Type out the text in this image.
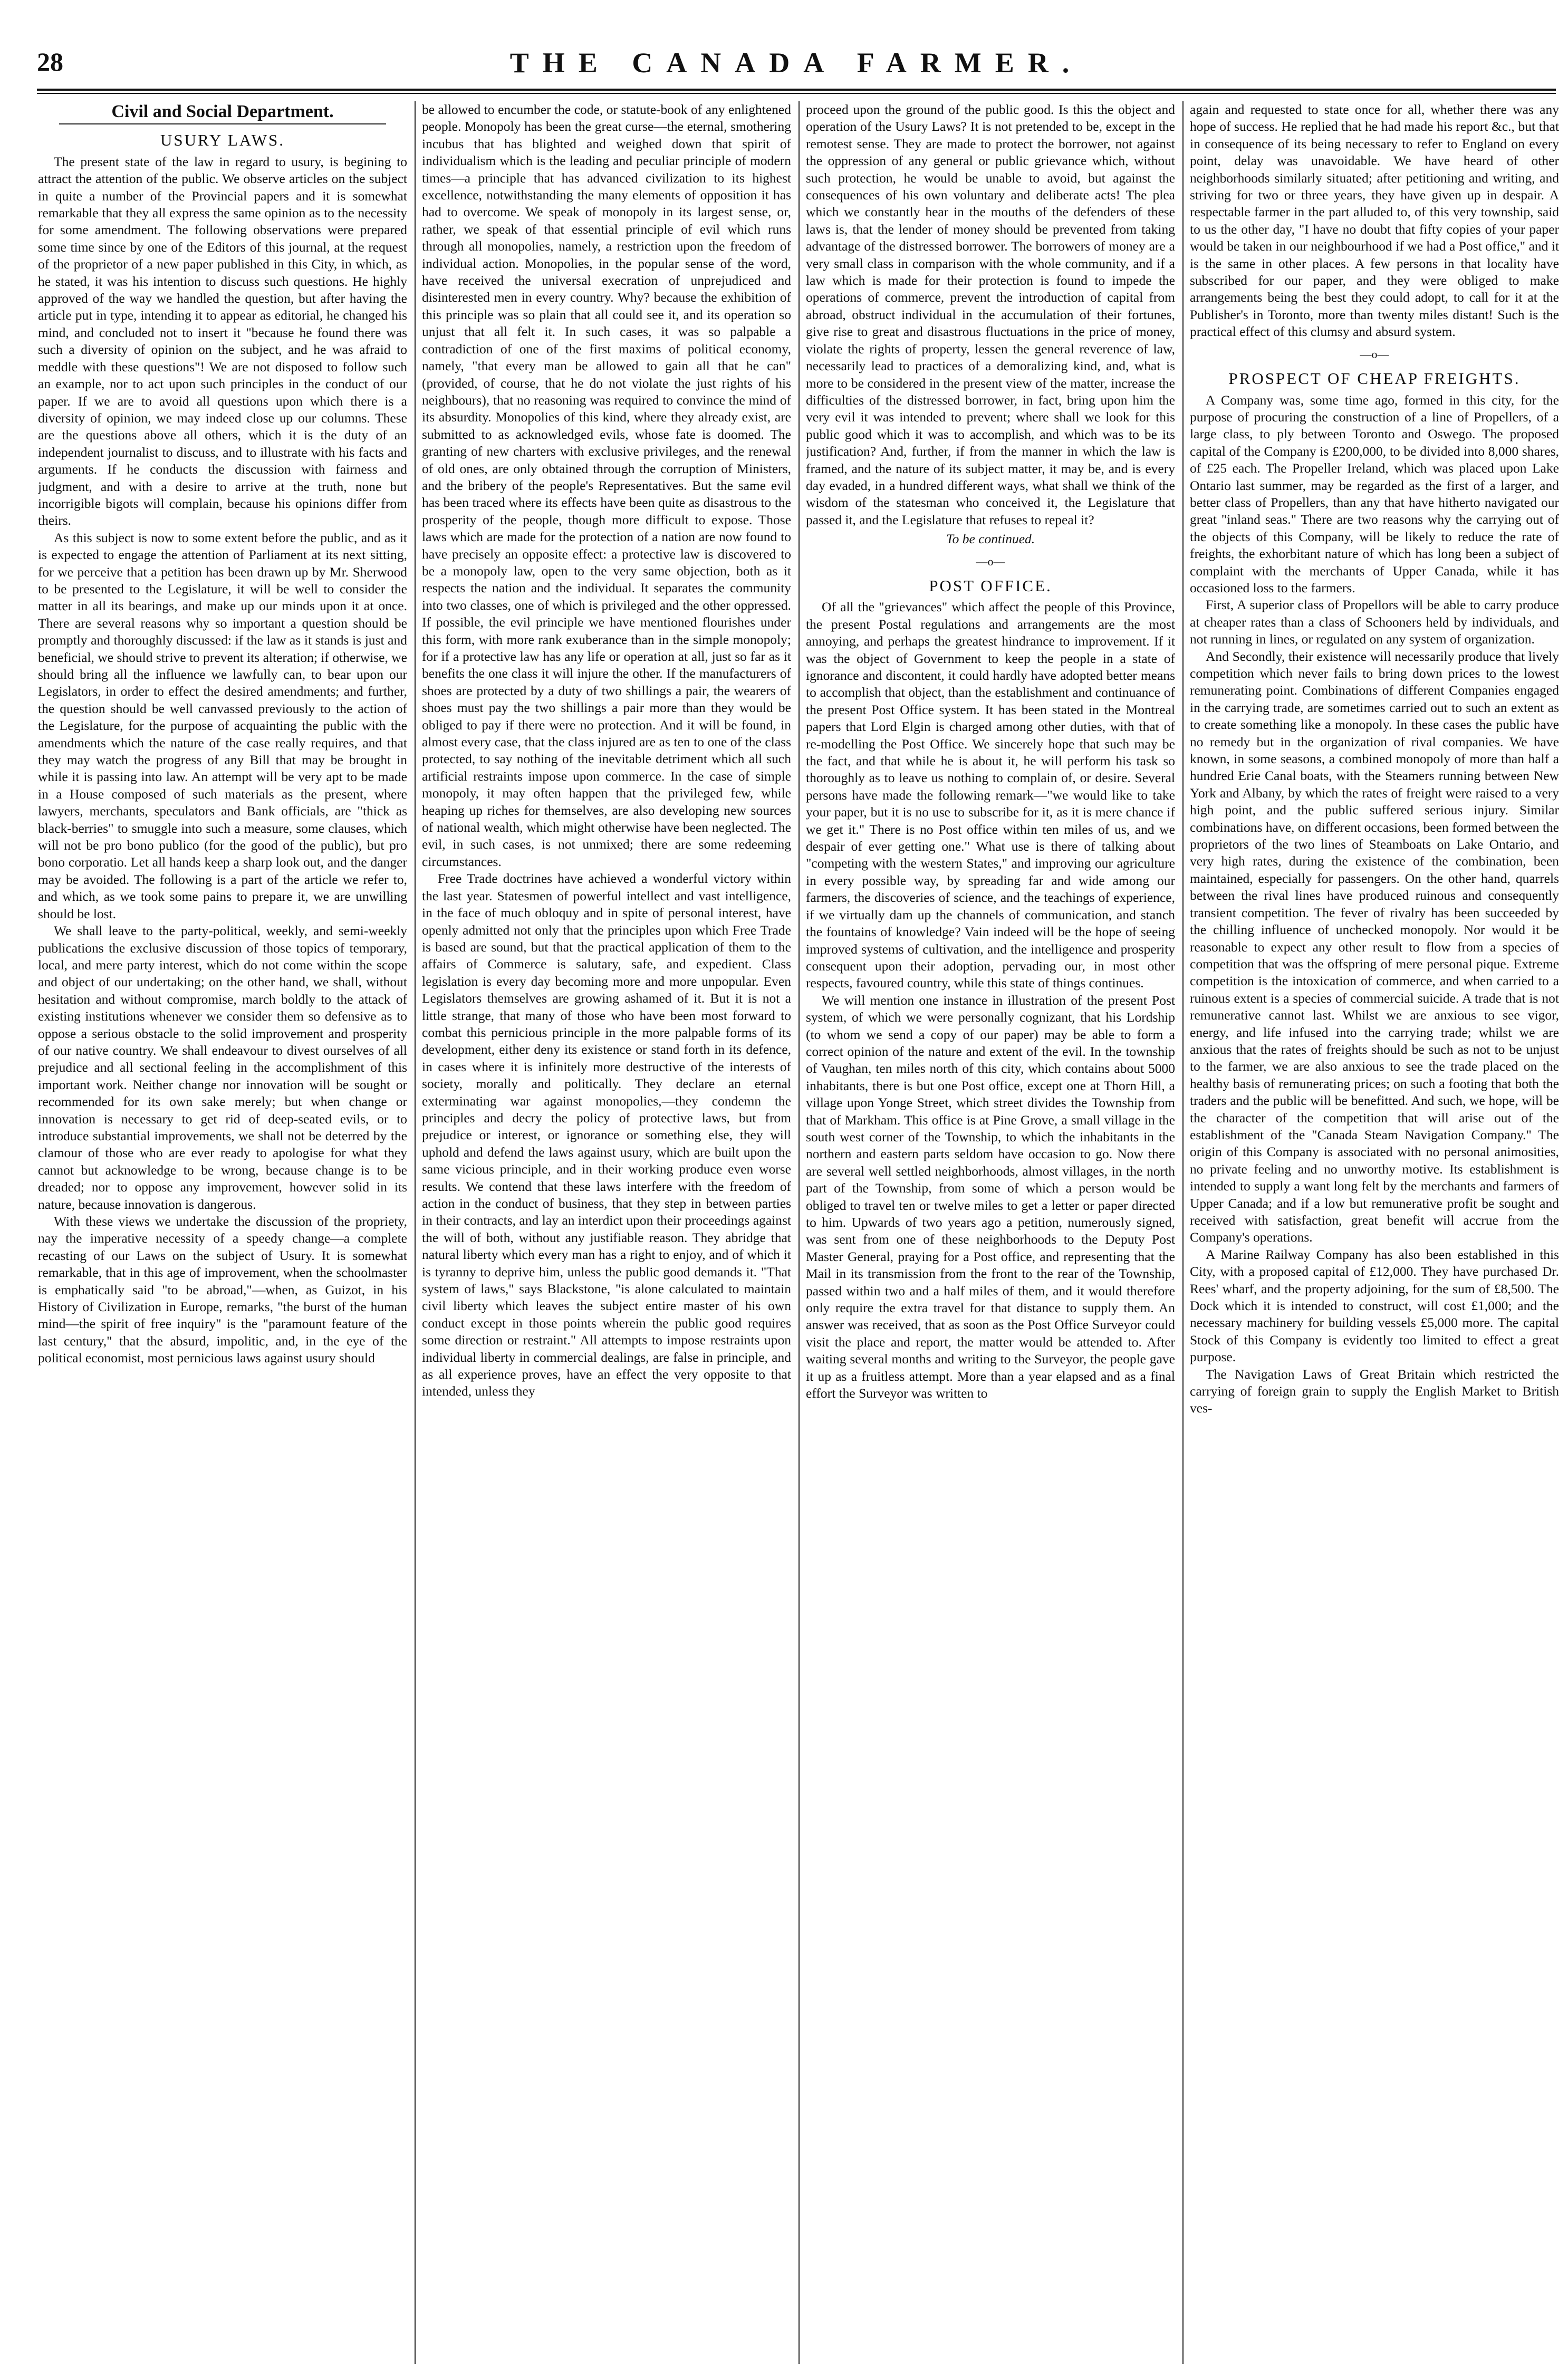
28	THE CANADA FARMER.
Civil and Social Department.
USURY LAWS.

The present state of the law in regard to usury, is begining to attract the attention of the public. We observe articles on the subject in quite a number of the Provincial papers and it is somewhat remarkable that they all express the same opinion as to the necessity for some amendment. The following observations were prepared some time since by one of the Editors of this journal, at the request of the proprietor of a new paper published in this City, in which, as he stated, it was his intention to discuss such questions. He highly approved of the way we handled the question, but after having the article put in type, intending it to appear as editorial, he changed his mind, and concluded not to insert it "because he found there was such a diversity of opinion on the subject, and he was afraid to meddle with these questions"! We are not disposed to follow such an example, nor to act upon such principles in the conduct of our paper. If we are to avoid all questions upon which there is a diversity of opinion, we may indeed close up our columns. These are the questions above all others, which it is the duty of an independent journalist to discuss, and to illustrate with his facts and arguments. If he conducts the discussion with fairness and judgment, and with a desire to arrive at the truth, none but incorrigible bigots will complain, because his opinions differ from theirs.

As this subject is now to some extent before the public, and as it is expected to engage the attention of Parliament at its next sitting, for we perceive that a petition has been drawn up by Mr. Sherwood to be presented to the Legislature, it will be well to consider the matter in all its bearings, and make up our minds upon it at once. There are several reasons why so important a question should be promptly and thoroughly discussed: if the law as it stands is just and beneficial, we should strive to prevent its alteration; if otherwise, we should bring all the influence we lawfully can, to bear upon our Legislators, in order to effect the desired amendments; and further, the question should be well canvassed previously to the action of the Legislature, for the purpose of acquainting the public with the amendments which the nature of the case really requires, and that they may watch the progress of any Bill that may be brought in while it is passing into law. An attempt will be very apt to be made in a House composed of such materials as the present, where lawyers, merchants, speculators and Bank officials, are "thick as black-berries" to smuggle into such a measure, some clauses, which will not be pro bono publico (for the good of the public), but pro bono corporatio. Let all hands keep a sharp look out, and the danger may be avoided. The following is a part of the article we refer to, and which, as we took some pains to prepare it, we are unwilling should be lost.

We shall leave to the party-political, weekly, and semi-weekly publications the exclusive discussion of those topics of temporary, local, and mere party interest, which do not come within the scope and object of our undertaking; on the other hand, we shall, without hesitation and without compromise, march boldly to the attack of existing institutions whenever we consider them so defensive as to oppose a serious obstacle to the solid improvement and prosperity of our native country. We shall endeavour to divest ourselves of all prejudice and all sectional feeling in the accomplishment of this important work. Neither change nor innovation will be sought or recommended for its own sake merely; but when change or innovation is necessary to get rid of deep-seated evils, or to introduce substantial improvements, we shall not be deterred by the clamour of those who are ever ready to apologise for what they cannot but acknowledge to be wrong, because change is to be dreaded; nor to oppose any improvement, however solid in its nature, because innovation is dangerous.

With these views we undertake the discussion of the propriety, nay the imperative necessity of a speedy change—a complete recasting of our Laws on the subject of Usury. It is somewhat remarkable, that in this age of improvement, when the schoolmaster is emphatically said "to be abroad,"—when, as Guizot, in his History of Civilization in Europe, remarks, "the burst of the human mind—the spirit of free inquiry" is the "paramount feature of the last century," that the absurd, impolitic, and, in the eye of the political economist, most pernicious laws against usury should

be allowed to encumber the code, or statute-book of any enlightened people. Monopoly has been the great curse—the eternal, smothering incubus that has blighted and weighed down that spirit of individualism which is the leading and peculiar principle of modern times—a principle that has advanced civilization to its highest excellence, notwithstanding the many elements of opposition it has had to overcome. We speak of monopoly in its largest sense, or, rather, we speak of that essential principle of evil which runs through all monopolies, namely, a restriction upon the freedom of individual action. Monopolies, in the popular sense of the word, have received the universal execration of unprejudiced and disinterested men in every country. Why? because the exhibition of this principle was so plain that all could see it, and its operation so unjust that all felt it. In such cases, it was so palpable a contradiction of one of the first maxims of political economy, namely, "that every man be allowed to gain all that he can" (provided, of course, that he do not violate the just rights of his neighbours), that no reasoning was required to convince the mind of its absurdity. Monopolies of this kind, where they already exist, are submitted to as acknowledged evils, whose fate is doomed. The granting of new charters with exclusive privileges, and the renewal of old ones, are only obtained through the corruption of Ministers, and the bribery of the people's Representatives. But the same evil has been traced where its effects have been quite as disastrous to the prosperity of the people, though more difficult to expose. Those laws which are made for the protection of a nation are now found to have precisely an opposite effect: a protective law is discovered to be a monopoly law, open to the very same objection, both as it respects the nation and the individual. It separates the community into two classes, one of which is privileged and the other oppressed. If possible, the evil principle we have mentioned flourishes under this form, with more rank exuberance than in the simple monopoly; for if a protective law has any life or operation at all, just so far as it benefits the one class it will injure the other. If the manufacturers of shoes are protected by a duty of two shillings a pair, the wearers of shoes must pay the two shillings a pair more than they would be obliged to pay if there were no protection. And it will be found, in almost every case, that the class injured are as ten to one of the class protected, to say nothing of the inevitable detriment which all such artificial restraints impose upon commerce. In the case of simple monopoly, it may often happen that the privileged few, while heaping up riches for themselves, are also developing new sources of national wealth, which might otherwise have been neglected. The evil, in such cases, is not unmixed; there are some redeeming circumstances.

Free Trade doctrines have achieved a wonderful victory within the last year. Statesmen of powerful intellect and vast intelligence, in the face of much obloquy and in spite of personal interest, have openly admitted not only that the principles upon which Free Trade is based are sound, but that the practical application of them to the affairs of Commerce is salutary, safe, and expedient. Class legislation is every day becoming more and more unpopular. Even Legislators themselves are growing ashamed of it. But it is not a little strange, that many of those who have been most forward to combat this pernicious principle in the more palpable forms of its development, either deny its existence or stand forth in its defence, in cases where it is infinitely more destructive of the interests of society, morally and politically. They declare an eternal exterminating war against monopolies,—they condemn the principles and decry the policy of protective laws, but from prejudice or interest, or ignorance or something else, they will uphold and defend the laws against usury, which are built upon the same vicious principle, and in their working produce even worse results. We contend that these laws interfere with the freedom of action in the conduct of business, that they step in between parties in their contracts, and lay an interdict upon their proceedings against the will of both, without any justifiable reason. They abridge that natural liberty which every man has a right to enjoy, and of which it is tyranny to deprive him, unless the public good demands it. "That system of laws," says Blackstone, "is alone calculated to maintain civil liberty which leaves the subject entire master of his own conduct except in those points wherein the public good requires some direction or restraint." All attempts to impose restraints upon individual liberty in commercial dealings, are false in principle, and as all experience proves, have an effect the very opposite to that intended, unless they

proceed upon the ground of the public good. Is this the object and operation of the Usury Laws? It is not pretended to be, except in the remotest sense. They are made to protect the borrower, not against the oppression of any general or public grievance which, without such protection, he would be unable to avoid, but against the consequences of his own voluntary and deliberate acts! The plea which we constantly hear in the mouths of the defenders of these laws is, that the lender of money should be prevented from taking advantage of the distressed borrower. The borrowers of money are a very small class in comparison with the whole community, and if a law which is made for their protection is found to impede the operations of commerce, prevent the introduction of capital from abroad, obstruct individual in the accumulation of their fortunes, give rise to great and disastrous fluctuations in the price of money, violate the rights of property, lessen the general reverence of law, necessarily lead to practices of a demoralizing kind, and, what is more to be considered in the present view of the matter, increase the difficulties of the distressed borrower, in fact, bring upon him the very evil it was intended to prevent; where shall we look for this public good which it was to accomplish, and which was to be its justification? And, further, if from the manner in which the law is framed, and the nature of its subject matter, it may be, and is every day evaded, in a hundred different ways, what shall we think of the wisdom of the statesman who conceived it, the Legislature that passed it, and the Legislature that refuses to repeal it?

To be continued.
—o—
POST OFFICE.

Of all the "grievances" which affect the people of this Province, the present Postal regulations and arrangements are the most annoying, and perhaps the greatest hindrance to improvement. If it was the object of Government to keep the people in a state of ignorance and discontent, it could hardly have adopted better means to accomplish that object, than the establishment and continuance of the present Post Office system. It has been stated in the Montreal papers that Lord Elgin is charged among other duties, with that of re-modelling the Post Office. We sincerely hope that such may be the fact, and that while he is about it, he will perform his task so thoroughly as to leave us nothing to complain of, or desire. Several persons have made the following remark—"we would like to take your paper, but it is no use to subscribe for it, as it is mere chance if we get it." There is no Post office within ten miles of us, and we despair of ever getting one." What use is there of talking about "competing with the western States," and improving our agriculture in every possible way, by spreading far and wide among our farmers, the discoveries of science, and the teachings of experience, if we virtually dam up the channels of communication, and stanch the fountains of knowledge? Vain indeed will be the hope of seeing improved systems of cultivation, and the intelligence and prosperity consequent upon their adoption, pervading our, in most other respects, favoured country, while this state of things continues.

We will mention one instance in illustration of the present Post system, of which we were personally cognizant, that his Lordship (to whom we send a copy of our paper) may be able to form a correct opinion of the nature and extent of the evil. In the township of Vaughan, ten miles north of this city, which contains about 5000 inhabitants, there is but one Post office, except one at Thorn Hill, a village upon Yonge Street, which street divides the Township from that of Markham. This office is at Pine Grove, a small village in the south west corner of the Township, to which the inhabitants in the northern and eastern parts seldom have occasion to go. Now there are several well settled neighborhoods, almost villages, in the north part of the Township, from some of which a person would be obliged to travel ten or twelve miles to get a letter or paper directed to him. Upwards of two years ago a petition, numerously signed, was sent from one of these neighborhoods to the Deputy Post Master General, praying for a Post office, and representing that the Mail in its transmission from the front to the rear of the Township, passed within two and a half miles of them, and it would therefore only require the extra travel for that distance to supply them. An answer was received, that as soon as the Post Office Surveyor could visit the place and report, the matter would be attended to. After waiting several months and writing to the Surveyor, the people gave it up as a fruitless attempt. More than a year elapsed and as a final effort the Surveyor was written to

again and requested to state once for all, whether there was any hope of success. He replied that he had made his report &c., but that in consequence of its being necessary to refer to England on every point, delay was unavoidable. We have heard of other neighborhoods similarly situated; after petitioning and writing, and striving for two or three years, they have given up in despair. A respectable farmer in the part alluded to, of this very township, said to us the other day, "I have no doubt that fifty copies of your paper would be taken in our neighbourhood if we had a Post office," and it is the same in other places. A few persons in that locality have subscribed for our paper, and they were obliged to make arrangements being the best they could adopt, to call for it at the Publisher's in Toronto, more than twenty miles distant! Such is the practical effect of this clumsy and absurd system.

—o—
PROSPECT OF CHEAP FREIGHTS.

A Company was, some time ago, formed in this city, for the purpose of procuring the construction of a line of Propellers, of a large class, to ply between Toronto and Oswego. The proposed capital of the Company is £200,000, to be divided into 8,000 shares, of £25 each. The Propeller Ireland, which was placed upon Lake Ontario last summer, may be regarded as the first of a larger, and better class of Propellers, than any that have hitherto navigated our great "inland seas." There are two reasons why the carrying out of the objects of this Company, will be likely to reduce the rate of freights, the exhorbitant nature of which has long been a subject of complaint with the merchants of Upper Canada, while it has occasioned loss to the farmers.

First, A superior class of Propellors will be able to carry produce at cheaper rates than a class of Schooners held by individuals, and not running in lines, or regulated on any system of organization.

And Secondly, their existence will necessarily produce that lively competition which never fails to bring down prices to the lowest remunerating point. Combinations of different Companies engaged in the carrying trade, are sometimes carried out to such an extent as to create something like a monopoly. In these cases the public have no remedy but in the organization of rival companies. We have known, in some seasons, a combined monopoly of more than half a hundred Erie Canal boats, with the Steamers running between New York and Albany, by which the rates of freight were raised to a very high point, and the public suffered serious injury. Similar combinations have, on different occasions, been formed between the proprietors of the two lines of Steamboats on Lake Ontario, and very high rates, during the existence of the combination, been maintained, especially for passengers. On the other hand, quarrels between the rival lines have produced ruinous and consequently transient competition. The fever of rivalry has been succeeded by the chilling influence of unchecked monopoly. Nor would it be reasonable to expect any other result to flow from a species of competition that was the offspring of mere personal pique. Extreme competition is the intoxication of commerce, and when carried to a ruinous extent is a species of commercial suicide. A trade that is not remunerative cannot last. Whilst we are anxious to see vigor, energy, and life infused into the carrying trade; whilst we are anxious that the rates of freights should be such as not to be unjust to the farmer, we are also anxious to see the trade placed on the healthy basis of remunerating prices; on such a footing that both the traders and the public will be benefitted. And such, we hope, will be the character of the competition that will arise out of the establishment of the "Canada Steam Navigation Company." The origin of this Company is associated with no personal animosities, no private feeling and no unworthy motive. Its establishment is intended to supply a want long felt by the merchants and farmers of Upper Canada; and if a low but remunerative profit be sought and received with satisfaction, great benefit will accrue from the Company's operations.

A Marine Railway Company has also been established in this City, with a proposed capital of £12,000. They have purchased Dr. Rees' wharf, and the property adjoining, for the sum of £8,500. The Dock which it is intended to construct, will cost £1,000; and the necessary machinery for building vessels £5,000 more. The capital Stock of this Company is evidently too limited to effect a great purpose.

The Navigation Laws of Great Britain which restricted the carrying of foreign grain to supply the English Market to British ves-
